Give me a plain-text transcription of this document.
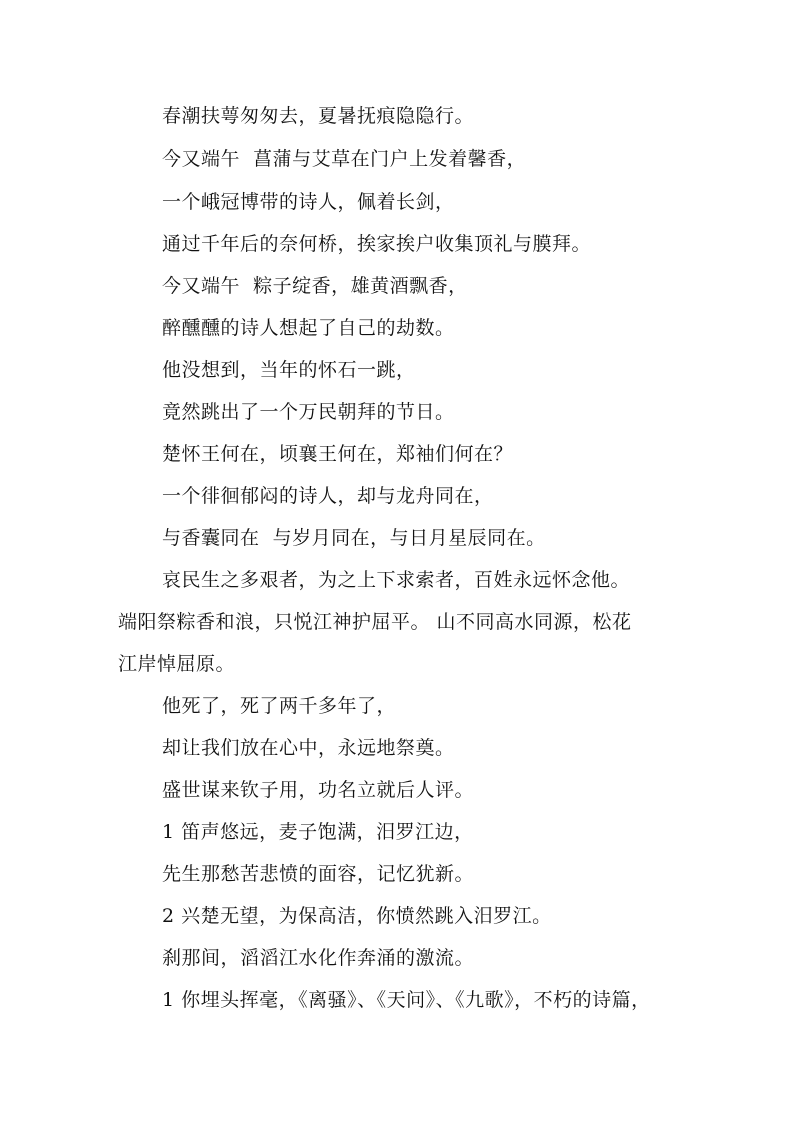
春潮扶萼匆匆去，夏暑抚痕隐隐行。
今又端午  菖蒲与艾草在门户上发着馨香，
一个峨冠博带的诗人，佩着长剑，
通过千年后的奈何桥，挨家挨户收集顶礼与膜拜。
今又端午  粽子绽香，雄黄酒飘香，
醉醺醺的诗人想起了自己的劫数。
他没想到，当年的怀石一跳，
竟然跳出了一个万民朝拜的节日。
楚怀王何在，顷襄王何在，郑袖们何在？
一个徘徊郁闷的诗人，却与龙舟同在，
与香囊同在  与岁月同在，与日月星辰同在。
哀民生之多艰者，为之上下求索者，百姓永远怀念他。
端阳祭粽香和浪，只悦江神护屈平。 山不同高水同源，松花
江岸悼屈原。
他死了，死了两千多年了，
却让我们放在心中，永远地祭奠。
盛世谋来钦子用，功名立就后人评。
1 笛声悠远，麦子饱满，汨罗江边，
先生那愁苦悲愤的面容，记忆犹新。
2 兴楚无望，为保高洁，你愤然跳入汨罗江。
刹那间，滔滔江水化作奔涌的激流。
1 你埋头挥毫，《离骚》、《天问》、《九歌》，不朽的诗篇，
